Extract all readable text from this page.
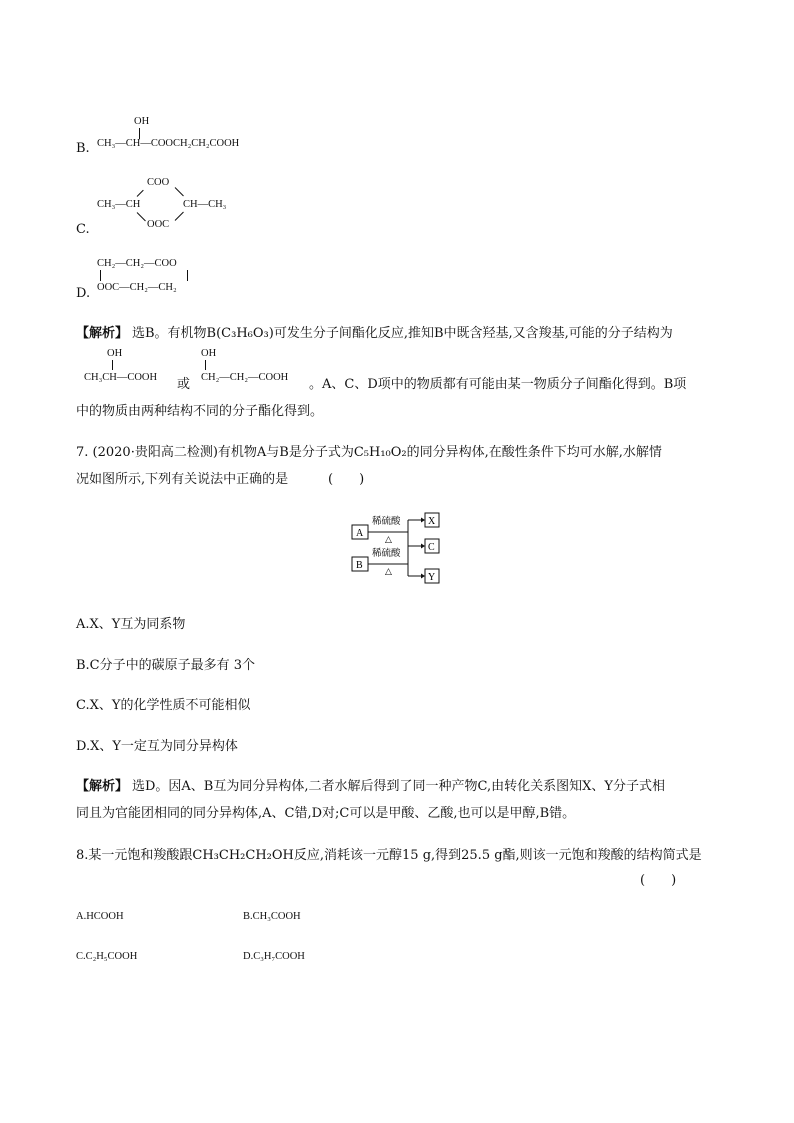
OH
B. CH₃—CH—COOCH₂CH₂COOH
COO
CH₃—CH	CH—CH₃
C.	OOC
CH₂—CH₂—COO
D. OOC—CH₂—CH₂
【解析】 选B。有机物B(C₃H₆O₃)可发生分子间酯化反应,推知B中既含羟基,又含羧基,可能的分子结构为
OH
CH₃CH—COOH 或
OH
CH₂—CH₂—COOH 。A、C、D项中的物质都有可能由某一物质分子间酯化得到。B项
中的物质由两种结构不同的分子酯化得到。
7. (2020·贵阳高二检测)有机物A与B是分子式为C₅H₁₀O₂的同分异构体,在酸性条件下均可水解,水解情
况如图所示,下列有关说法中正确的是	(　　)
A
B
稀硫酸
△
稀硫酸
△
X
C
Y
A.X、Y互为同系物
B.C分子中的碳原子最多有 3个
C.X、Y的化学性质不可能相似
D.X、Y一定互为同分异构体
【解析】 选D。因A、B互为同分异构体,二者水解后得到了同一种产物C,由转化关系图知X、Y分子式相
同且为官能团相同的同分异构体,A、C错,D对;C可以是甲酸、乙酸,也可以是甲醇,B错。
8.某一元饱和羧酸跟CH₃CH₂CH₂OH反应,消耗该一元醇15 g,得到25.5 g酯,则该一元饱和羧酸的结构简式是
(　　)
A.HCOOH	B.CH₃COOH
C.C₂H₅COOH	D.C₃H₇COOH
